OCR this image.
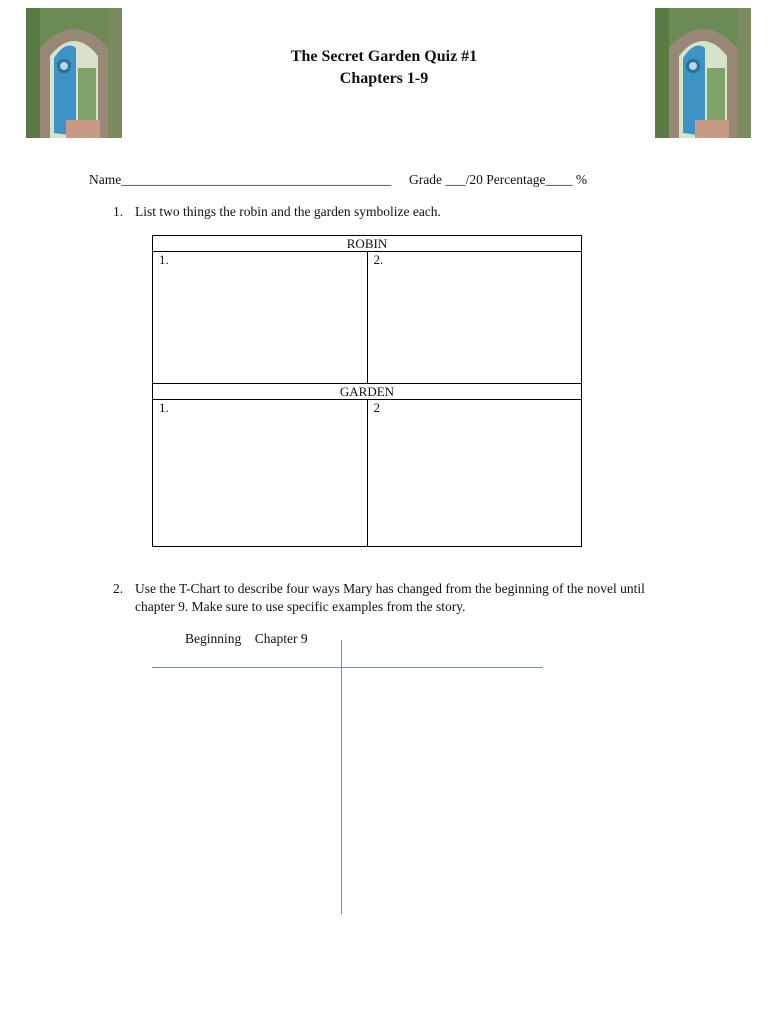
The Secret Garden Quiz #1
Chapters 1-9
Name________________________________________ Grade ___/20 Percentage____ %
1. List two things the robin and the garden symbolize each.
ROBIN	
1.	2.
GARDEN	
1.	2
2. Use the T-Chart to describe four ways Mary has changed from the beginning of the novel until
chapter 9. Make sure to use specific examples from the story.
Beginning Chapter 9
